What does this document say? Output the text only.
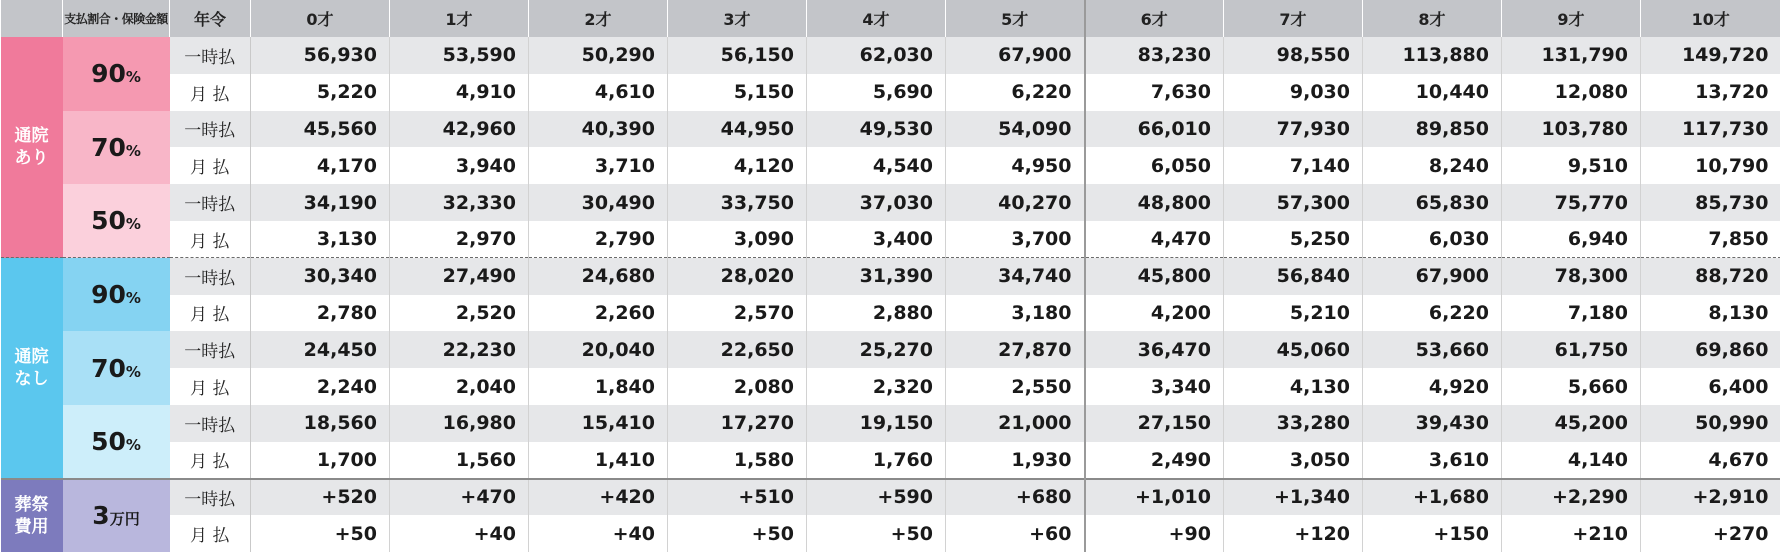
	支払割合・保険金額	年令	0才	1才	2才	3才	4才	5才	6才	7才	8才	9才	10才

通院
あり	90%	一時払	56,930	53,590	50,290	56,150	62,030	67,900	83,230	98,550	113,880	131,790	149,720
		月 払	5,220	4,910	4,610	5,150	5,690	6,220	7,630	9,030	10,440	12,080	13,720
	70%	一時払	45,560	42,960	40,390	44,950	49,530	54,090	66,010	77,930	89,850	103,780	117,730
		月 払	4,170	3,940	3,710	4,120	4,540	4,950	6,050	7,140	8,240	9,510	10,790
	50%	一時払	34,190	32,330	30,490	33,750	37,030	40,270	48,800	57,300	65,830	75,770	85,730
		月 払	3,130	2,970	2,790	3,090	3,400	3,700	4,470	5,250	6,030	6,940	7,850

通院
なし	90%	一時払	30,340	27,490	24,680	28,020	31,390	34,740	45,800	56,840	67,900	78,300	88,720
		月 払	2,780	2,520	2,260	2,570	2,880	3,180	4,200	5,210	6,220	7,180	8,130
	70%	一時払	24,450	22,230	20,040	22,650	25,270	27,870	36,470	45,060	53,660	61,750	69,860
		月 払	2,240	2,040	1,840	2,080	2,320	2,550	3,340	4,130	4,920	5,660	6,400
	50%	一時払	18,560	16,980	15,410	17,270	19,150	21,000	27,150	33,280	39,430	45,200	50,990
		月 払	1,700	1,560	1,410	1,580	1,760	1,930	2,490	3,050	3,610	4,140	4,670

葬祭
費用	3万円	一時払	+520	+470	+420	+510	+590	+680	+1,010	+1,340	+1,680	+2,290	+2,910
		月 払	+50	+40	+40	+50	+50	+60	+90	+120	+150	+210	+270
